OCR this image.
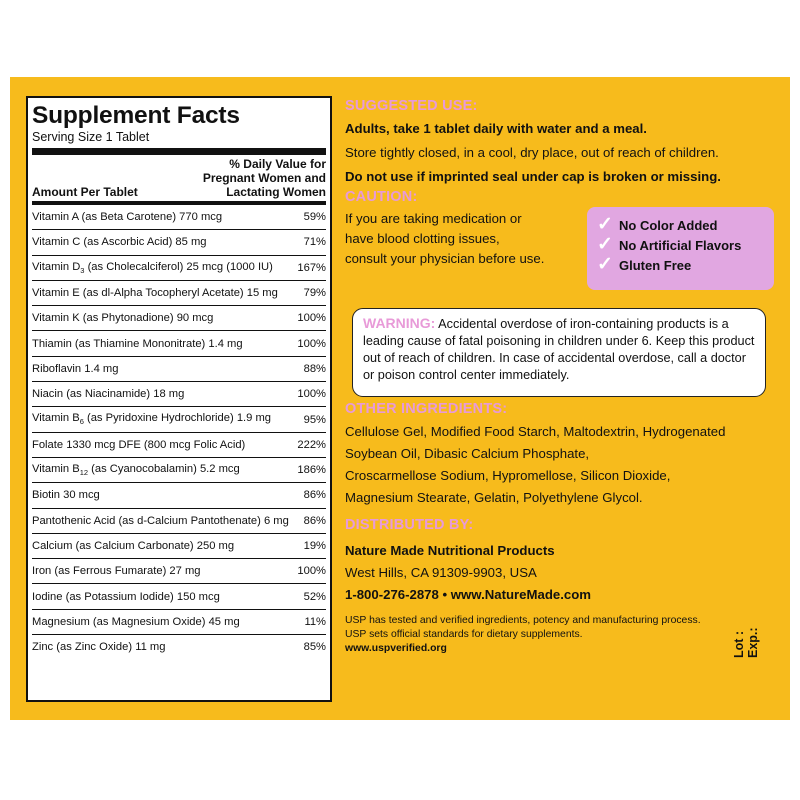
Supplement Facts
Serving Size 1 Tablet
Amount Per Tablet
% Daily Value for
Pregnant Women and
Lactating Women
Vitamin A (as Beta Carotene) 770 mcg	59%
Vitamin C (as Ascorbic Acid) 85 mg	71%
Vitamin $D_3$ (as Cholecalciferol) 25 mcg (1000 IU)	167%
Vitamin E (as dl-Alpha Tocopheryl Acetate) 15 mg	79%
Vitamin K (as Phytonadione) 90 mcg	100%
Thiamin (as Thiamine Mononitrate) 1.4 mg	100%
Riboflavin 1.4 mg	88%
Niacin (as Niacinamide) 18 mg	100%
Vitamin $B_6$ (as Pyridoxine Hydrochloride) 1.9 mg	95%
Folate 1330 mcg DFE (800 mcg Folic Acid)	222%
Vitamin $B_{12}$ (as Cyanocobalamin) 5.2 mcg	186%
Biotin 30 mcg	86%
Pantothenic Acid (as d-Calcium Pantothenate) 6 mg	86%
Calcium (as Calcium Carbonate) 250 mg	19%
Iron (as Ferrous Fumarate) 27 mg	100%
Iodine (as Potassium Iodide) 150 mcg	52%
Magnesium (as Magnesium Oxide) 45 mg	11%
Zinc (as Zinc Oxide) 11 mg	85%
SUGGESTED USE:
Adults, take 1 tablet daily with water and a meal.
Store tightly closed, in a cool, dry place, out of reach of children.
Do not use if imprinted seal under cap is broken or missing.
CAUTION:
If you are taking medication or
have blood clotting issues,
consult your physician before use.
OTHER INGREDIENTS:
Cellulose Gel, Modified Food Starch, Maltodextrin, Hydrogenated
Soybean Oil, Dibasic Calcium Phosphate,
Croscarmellose Sodium, Hypromellose, Silicon Dioxide,
Magnesium Stearate, Gelatin, Polyethylene Glycol.
DISTRIBUTED BY:
Nature Made Nutritional Products
West Hills, CA 91309-9903, USA
1-800-276-2878 • www.NatureMade.com
USP has tested and verified ingredients, potency and manufacturing process.
USP sets official standards for dietary supplements.
www.uspverified.org
✓ No Color Added
✓ No Artificial Flavors
✓ Gluten Free
WARNING: Accidental overdose of iron-containing products is a leading cause of fatal poisoning in children under 6. Keep this product out of reach of children. In case of accidental overdose, call a doctor or poison control center immediately.
Lot : Exp.:
